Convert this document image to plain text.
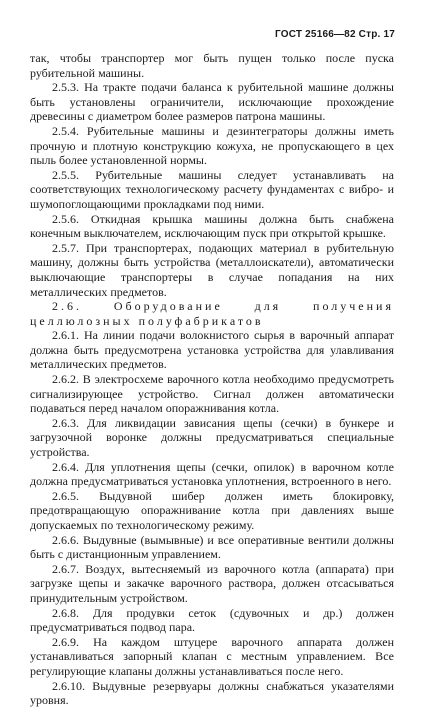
ГОСТ 25166—82 Стр. 17

так, чтобы транспортер мог быть пущен только после пуска рубительной машины.

2.5.3. На тракте подачи баланса к рубительной машине должны быть установлены ограничители, исключающие прохождение древесины с диаметром более размеров патрона машины.

2.5.4. Рубительные машины и дезинтеграторы должны иметь прочную и плотную конструкцию кожуха, не пропускающего в цех пыль более установленной нормы.

2.5.5. Рубительные машины следует устанавливать на соответствующих технологическому расчету фундаментах с вибро- и шумопоглощающими прокладками под ними.

2.5.6. Откидная крышка машины должна быть снабжена конечным выключателем, исключающим пуск при открытой крышке.

2.5.7. При транспортерах, подающих материал в рубительную машину, должны быть устройства (металлоискатели), автоматически выключающие транспортеры в случае попадания на них металлических предметов.

2.6. Оборудование для получения целлюлозных полуфабрикатов

2.6.1. На линии подачи волокнистого сырья в варочный аппарат должна быть предусмотрена установка устройства для улавливания металлических предметов.

2.6.2. В электросхеме варочного котла необходимо предусмотреть сигнализирующее устройство. Сигнал должен автоматически подаваться перед началом опоражнивания котла.

2.6.3. Для ликвидации зависания щепы (сечки) в бункере и загрузочной воронке должны предусматриваться специальные устройства.

2.6.4. Для уплотнения щепы (сечки, опилок) в варочном котле должна предусматриваться установка уплотнения, встроенного в него.

2.6.5. Выдувной шибер должен иметь блокировку, предотвращающую опоражнивание котла при давлениях выше допускаемых по технологическому режиму.

2.6.6. Выдувные (вымывные) и все оперативные вентили должны быть с дистанционным управлением.

2.6.7. Воздух, вытесняемый из варочного котла (аппарата) при загрузке щепы и закачке варочного раствора, должен отсасываться принудительным устройством.

2.6.8. Для продувки сеток (сдувочных и др.) должен предусматриваться подвод пара.

2.6.9. На каждом штуцере варочного аппарата должен устанавливаться запорный клапан с местным управлением. Все регулирующие клапаны должны устанавливаться после него.

2.6.10. Выдувные резервуары должны снабжаться указателями уровня.
